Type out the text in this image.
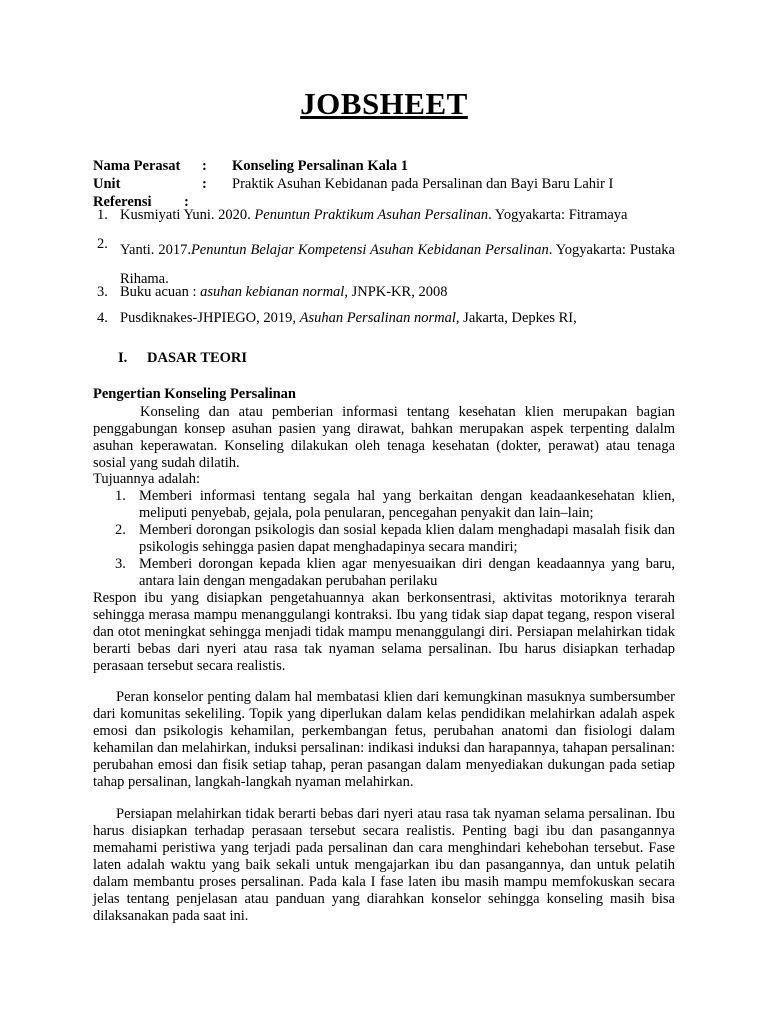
JOBSHEET
Nama Perasat : Konseling Persalinan Kala 1
Unit	: Praktik Asuhan Kebidanan pada Persalinan dan Bayi Baru Lahir I
Referensi :
1. Kusmiyati Yuni. 2020. Penuntun Praktikum Asuhan Persalinan. Yogyakarta: Fitramaya
2. Yanti. 2017.Penuntun Belajar Kompetensi Asuhan Kebidanan Persalinan. Yogyakarta: Pustaka Rihama.
3. Buku acuan : asuhan kebianan normal, JNPK-KR, 2008
4. Pusdiknakes-JHPIEGO, 2019, Asuhan Persalinan normal, Jakarta, Depkes RI,
I. DASAR TEORI
Pengertian Konseling Persalinan

Konseling dan atau pemberian informasi tentang kesehatan klien merupakan bagian penggabungan konsep asuhan pasien yang dirawat, bahkan merupakan aspek terpenting dalalm asuhan keperawatan. Konseling dilakukan oleh tenaga kesehatan (dokter, perawat) atau tenaga sosial yang sudah dilatih.

Tujuannya adalah:

1. Memberi informasi tentang segala hal yang berkaitan dengan keadaankesehatan klien, meliputi penyebab, gejala, pola penularan, pencegahan penyakit dan lain–lain;
2. Memberi dorongan psikologis dan sosial kepada klien dalam menghadapi masalah fisik dan psikologis sehingga pasien dapat menghadapinya secara mandiri;
3. Memberi dorongan kepada klien agar menyesuaikan diri dengan keadaannya yang baru, antara lain dengan mengadakan perubahan perilaku

Respon ibu yang disiapkan pengetahuannya akan berkonsentrasi, aktivitas motoriknya terarah sehingga merasa mampu menanggulangi kontraksi. Ibu yang tidak siap dapat tegang, respon viseral dan otot meningkat sehingga menjadi tidak mampu menanggulangi diri. Persiapan melahirkan tidak berarti bebas dari nyeri atau rasa tak nyaman selama persalinan. Ibu harus disiapkan terhadap perasaan tersebut secara realistis.

Peran konselor penting dalam hal membatasi klien dari kemungkinan masuknya sumbersumber dari komunitas sekeliling. Topik yang diperlukan dalam kelas pendidikan melahirkan adalah aspek emosi dan psikologis kehamilan, perkembangan fetus, perubahan anatomi dan fisiologi dalam kehamilan dan melahirkan, induksi persalinan: indikasi induksi dan harapannya, tahapan persalinan: perubahan emosi dan fisik setiap tahap, peran pasangan dalam menyediakan dukungan pada setiap tahap persalinan, langkah-langkah nyaman melahirkan.

Persiapan melahirkan tidak berarti bebas dari nyeri atau rasa tak nyaman selama persalinan. Ibu harus disiapkan terhadap perasaan tersebut secara realistis. Penting bagi ibu dan pasangannya memahami peristiwa yang terjadi pada persalinan dan cara menghindari kehebohan tersebut. Fase laten adalah waktu yang baik sekali untuk mengajarkan ibu dan pasangannya, dan untuk pelatih dalam membantu proses persalinan. Pada kala I fase laten ibu masih mampu memfokuskan secara jelas tentang penjelasan atau panduan yang diarahkan konselor sehingga konseling masih bisa dilaksanakan pada saat ini.
